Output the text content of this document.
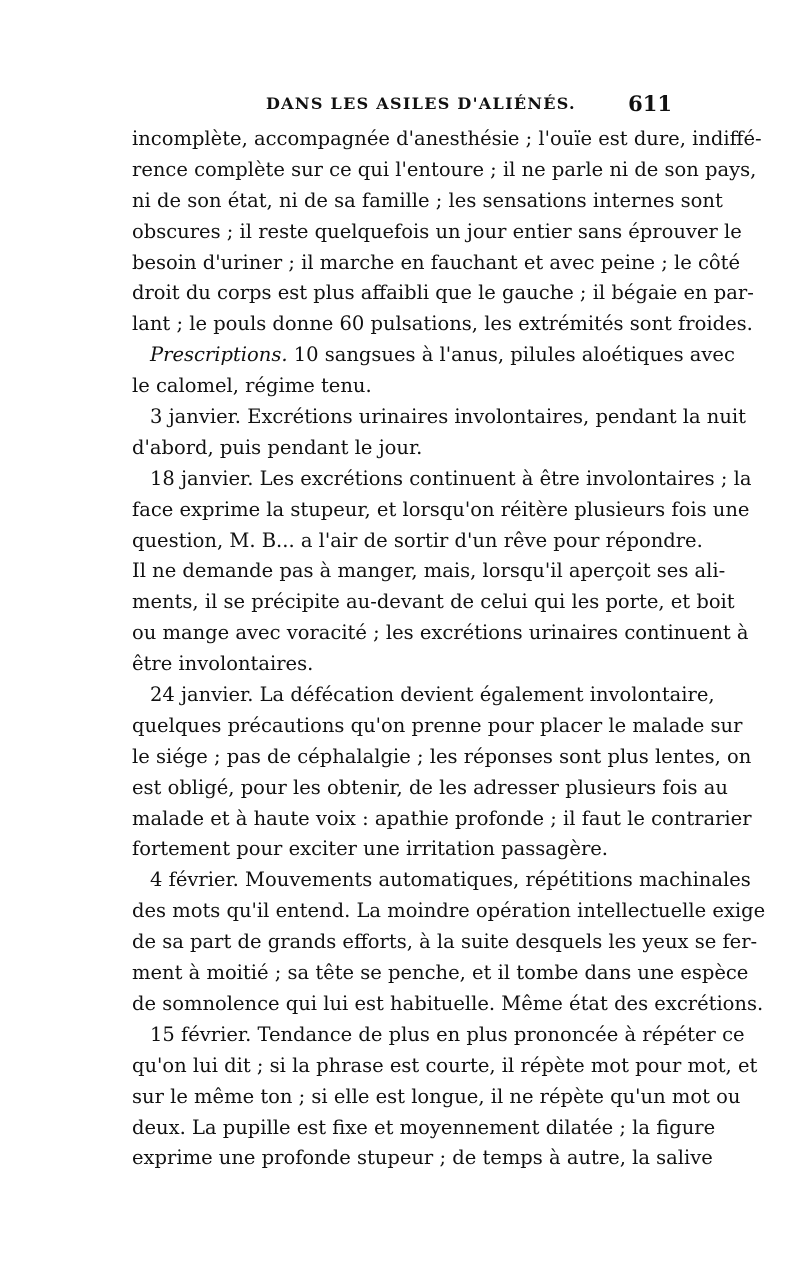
DANS LES ASILES D'ALIÉNÉS. 611
incomplète, accompagnée d'anesthésie ; l'ouïe est dure, indiffé-
rence complète sur ce qui l'entoure ; il ne parle ni de son pays,
ni de son état, ni de sa famille ; les sensations internes sont
obscures ; il reste quelquefois un jour entier sans éprouver le
besoin d'uriner ; il marche en fauchant et avec peine ; le côté
droit du corps est plus affaibli que le gauche ; il bégaie en par-
lant ; le pouls donne 60 pulsations, les extrémités sont froides.
Prescriptions. 10 sangsues à l'anus, pilules aloétiques avec
le calomel, régime tenu.
3 janvier. Excrétions urinaires involontaires, pendant la nuit
d'abord, puis pendant le jour.
18 janvier. Les excrétions continuent à être involontaires ; la
face exprime la stupeur, et lorsqu'on réitère plusieurs fois une
question, M. B... a l'air de sortir d'un rêve pour répondre.
Il ne demande pas à manger, mais, lorsqu'il aperçoit ses ali-
ments, il se précipite au-devant de celui qui les porte, et boit
ou mange avec voracité ; les excrétions urinaires continuent à
être involontaires.
24 janvier. La défécation devient également involontaire,
quelques précautions qu'on prenne pour placer le malade sur
le siége ; pas de céphalalgie ; les réponses sont plus lentes, on
est obligé, pour les obtenir, de les adresser plusieurs fois au
malade et à haute voix : apathie profonde ; il faut le contrarier
fortement pour exciter une irritation passagère.
4 février. Mouvements automatiques, répétitions machinales
des mots qu'il entend. La moindre opération intellectuelle exige
de sa part de grands efforts, à la suite desquels les yeux se fer-
ment à moitié ; sa tête se penche, et il tombe dans une espèce
de somnolence qui lui est habituelle. Même état des excrétions.
15 février. Tendance de plus en plus prononcée à répéter ce
qu'on lui dit ; si la phrase est courte, il répète mot pour mot, et
sur le même ton ; si elle est longue, il ne répète qu'un mot ou
deux. La pupille est fixe et moyennement dilatée ; la figure
exprime une profonde stupeur ; de temps à autre, la salive
